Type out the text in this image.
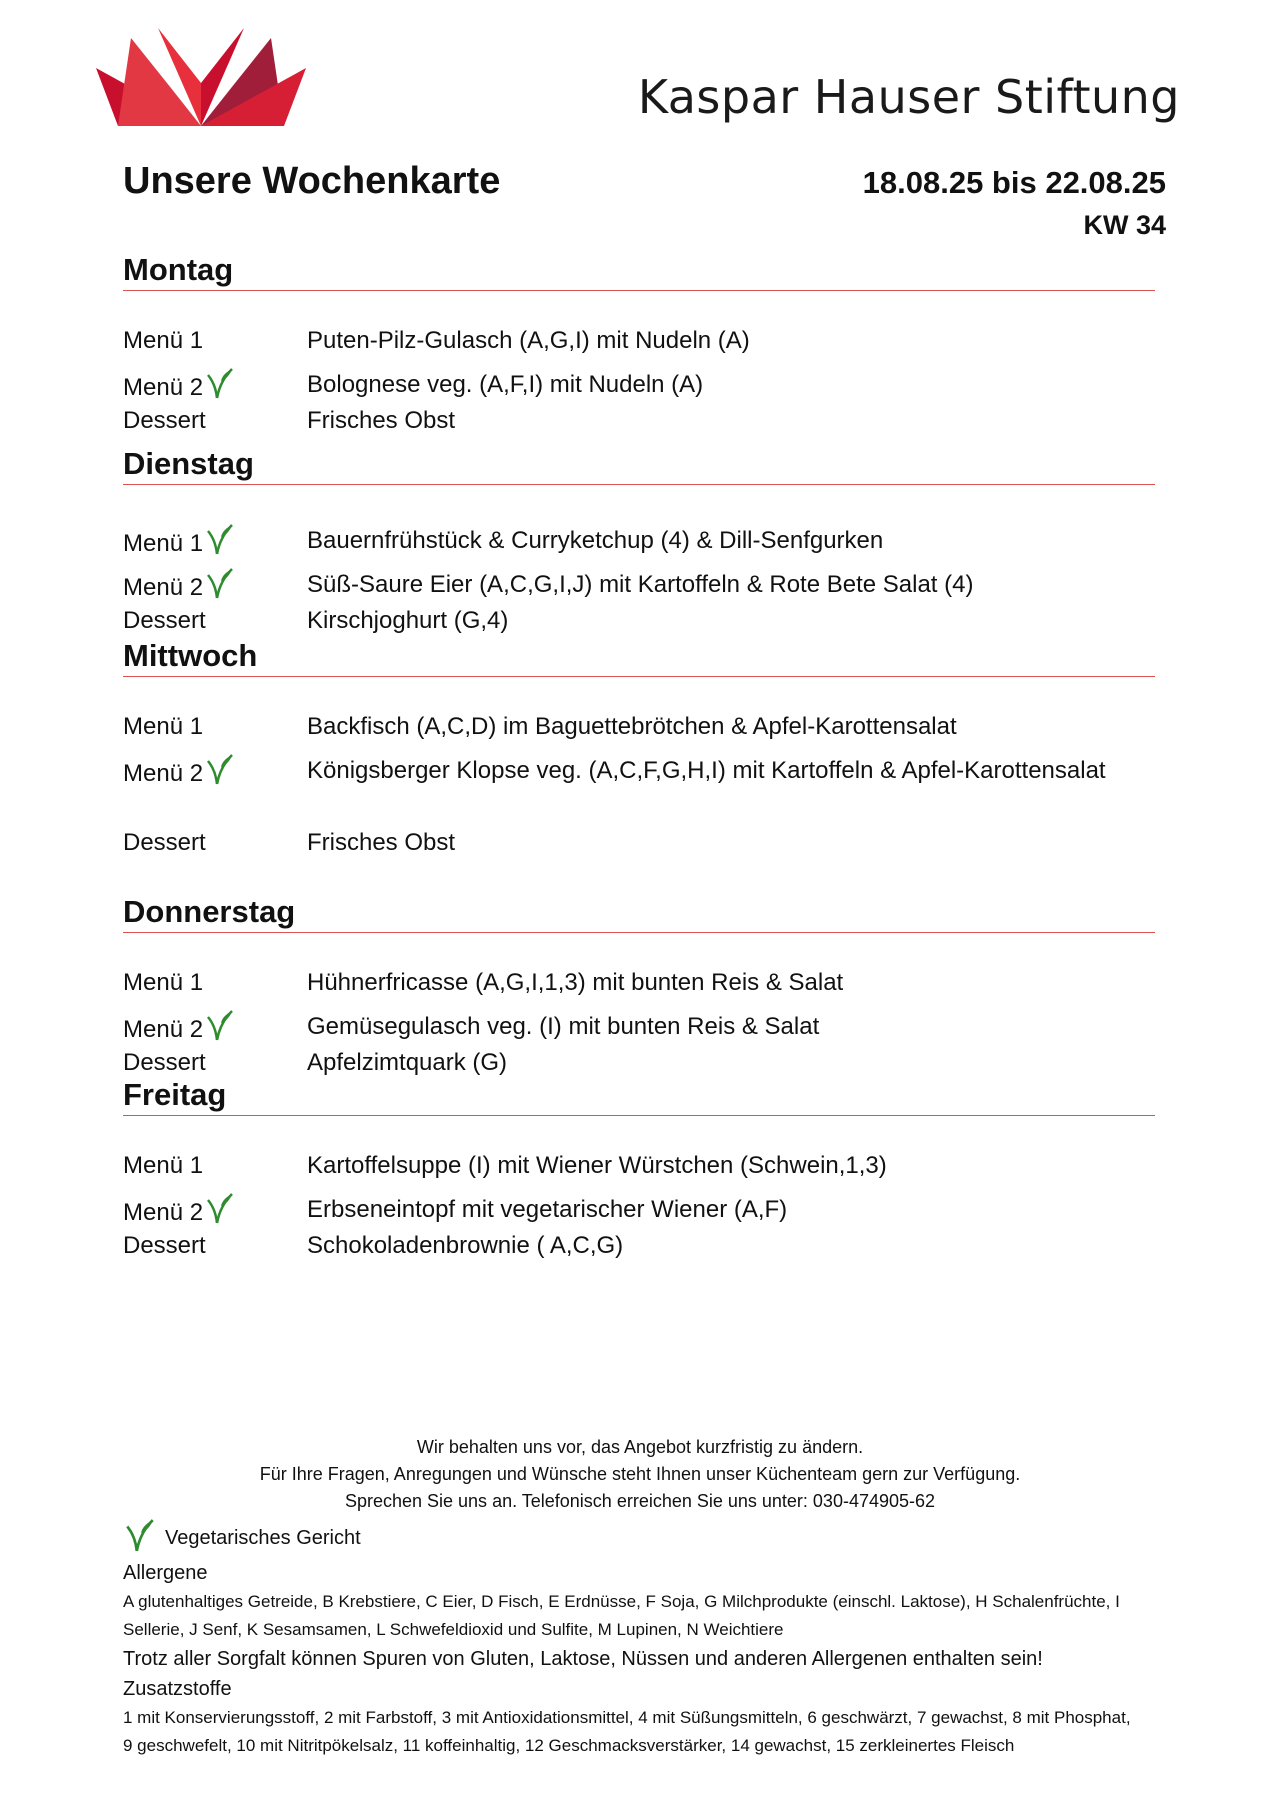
Kaspar Hauser Stiftung
Unsere Wochenkarte	18.08.25 bis 22.08.25
KW 34
Montag
Menü 1	Puten-Pilz-Gulasch (A,G,I) mit Nudeln (A)
Menü 2	Bolognese veg. (A,F,I) mit Nudeln (A)
Dessert	Frisches Obst
Dienstag
Menü 1	Bauernfrühstück & Curryketchup (4) & Dill-Senfgurken
Menü 2	Süß-Saure Eier (A,C,G,I,J) mit Kartoffeln & Rote Bete Salat (4)
Dessert	Kirschjoghurt (G,4)
Mittwoch
Menü 1	Backfisch (A,C,D) im Baguettebrötchen & Apfel-Karottensalat
Menü 2	Königsberger Klopse veg. (A,C,F,G,H,I) mit Kartoffeln & Apfel-Karottensalat
Dessert	Frisches Obst
Donnerstag
Menü 1	Hühnerfricasse (A,G,I,1,3) mit bunten Reis & Salat
Menü 2	Gemüsegulasch veg. (I) mit bunten Reis & Salat
Dessert	Apfelzimtquark (G)
Freitag
Menü 1	Kartoffelsuppe (I) mit Wiener Würstchen (Schwein,1,3)
Menü 2	Erbseneintopf mit vegetarischer Wiener (A,F)
Dessert	Schokoladenbrownie ( A,C,G)
Wir behalten uns vor, das Angebot kurzfristig zu ändern.
Für Ihre Fragen, Anregungen und Wünsche steht Ihnen unser Küchenteam gern zur Verfügung.
Sprechen Sie uns an. Telefonisch erreichen Sie uns unter: 030-474905-62
Vegetarisches Gericht
Allergene
A glutenhaltiges Getreide, B Krebstiere, C Eier, D Fisch, E Erdnüsse, F Soja, G Milchprodukte (einschl. Laktose), H Schalenfrüchte, I
Sellerie, J Senf, K Sesamsamen, L Schwefeldioxid und Sulfite, M Lupinen, N Weichtiere
Trotz aller Sorgfalt können Spuren von Gluten, Laktose, Nüssen und anderen Allergenen enthalten sein!
Zusatzstoffe
1 mit Konservierungsstoff, 2 mit Farbstoff, 3 mit Antioxidationsmittel, 4 mit Süßungsmitteln, 6 geschwärzt, 7 gewachst, 8 mit Phosphat,
9 geschwefelt, 10 mit Nitritpökelsalz, 11 koffeinhaltig, 12 Geschmacksverstärker, 14 gewachst, 15 zerkleinertes Fleisch
